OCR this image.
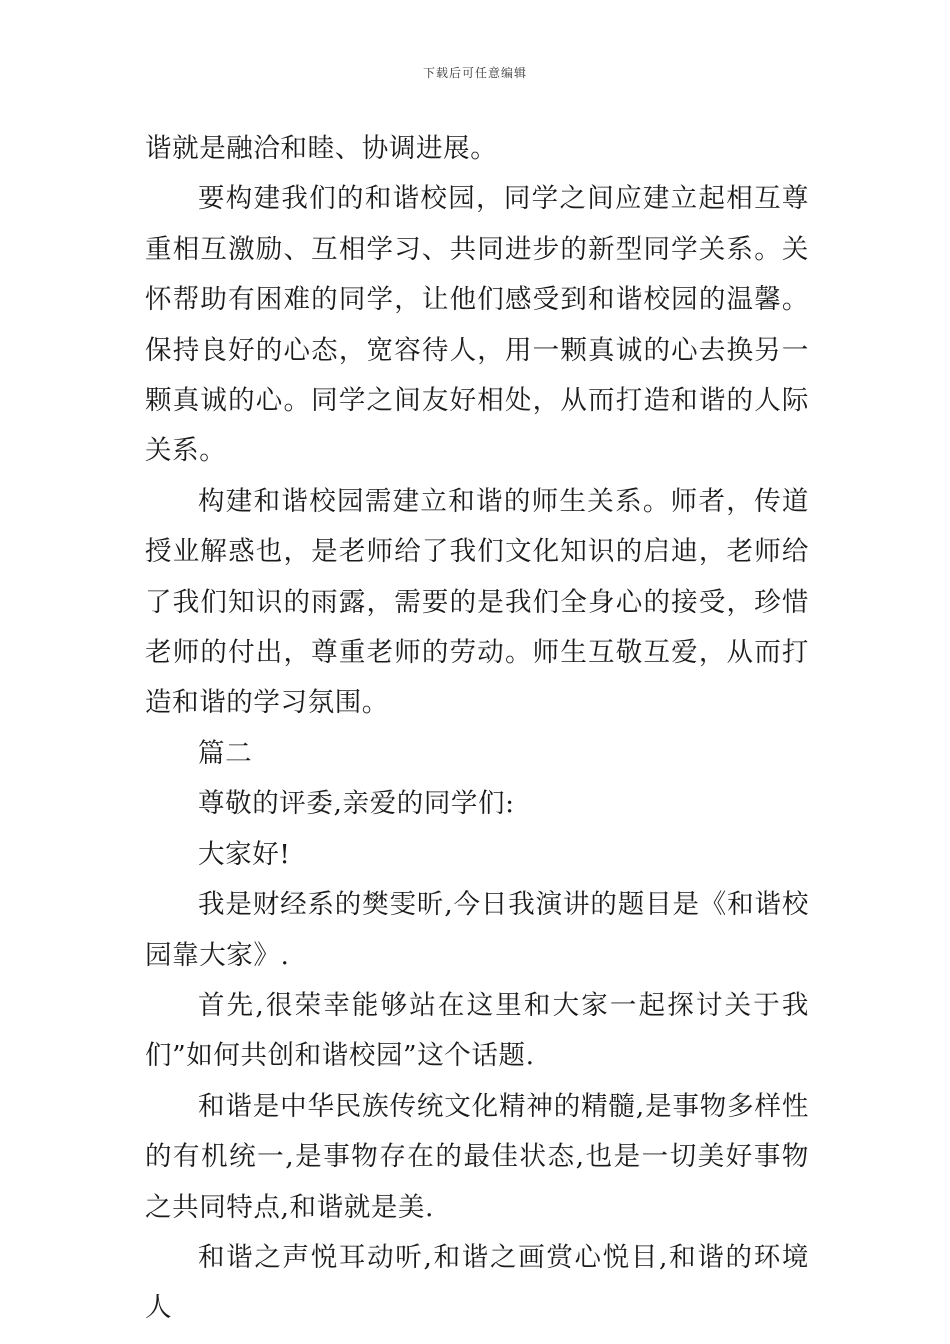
下载后可任意编辑

谐就是融洽和睦、协调进展。

要构建我们的和谐校园，同学之间应建立起相互尊重相互激励、互相学习、共同进步的新型同学关系。关怀帮助有困难的同学，让他们感受到和谐校园的温馨。保持良好的心态，宽容待人，用一颗真诚的心去换另一颗真诚的心。同学之间友好相处，从而打造和谐的人际关系。

构建和谐校园需建立和谐的师生关系。师者，传道授业解惑也，是老师给了我们文化知识的启迪，老师给了我们知识的雨露，需要的是我们全身心的接受，珍惜老师的付出，尊重老师的劳动。师生互敬互爱，从而打造和谐的学习氛围。

篇二

尊敬的评委,亲爱的同学们:

大家好!

我是财经系的樊雯昕,今日我演讲的题目是《和谐校园靠大家》.

首先,很荣幸能够站在这里和大家一起探讨关于我们”如何共创和谐校园”这个话题.

和谐是中华民族传统文化精神的精髓,是事物多样性的有机统一,是事物存在的最佳状态,也是一切美好事物之共同特点,和谐就是美.

和谐之声悦耳动听,和谐之画赏心悦目,和谐的环境人
